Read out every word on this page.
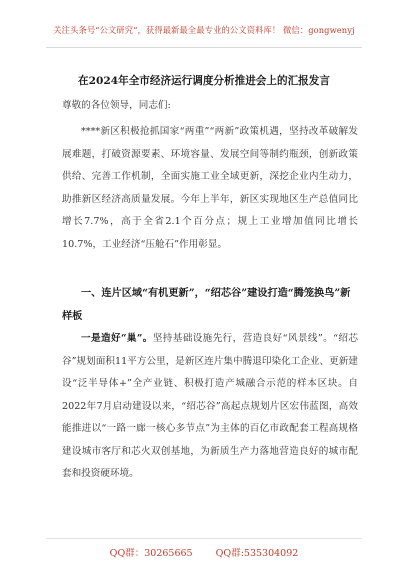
关注头条号“公文研究”，获得最新最全最专业的公文资料库！ 微信：gongwenyj
在2024年全市经济运行调度分析推进会上的汇报发言
尊敬的各位领导，同志们:

****新区积极抢抓国家“两重”“两新”政策机遇，坚持改革破解发展难题，打破资源要素、环境容量、发展空间等制约瓶颈，创新政策供给、完善工作机制，全面实施工业全域更新，深挖企业内生动力，助推新区经济高质量发展。今年上半年，新区实现地区生产总值同比增长7.7%，高于全省2.1个百分点；规上工业增加值同比增长10.7%，工业经济“压舱石”作用彰显。

一、连片区域“有机更新”，“绍芯谷”建设打造“腾笼换鸟”新样板

一是造好“巢”。坚持基础设施先行，营造良好“风景线”。“绍芯谷”规划面积11平方公里，是新区连片集中腾退印染化工企业、更新建设“泛半导体+”全产业链、积极打造产城融合示范的样本区块。自2022年7月启动建设以来，“绍芯谷”高起点规划片区宏伟蓝图，高效能推进以“一路一廊一核心多节点”为主体的百亿市政配套工程高规格建设城市客厅和芯火双创基地，为新质生产力落地营造良好的城市配套和投资硬环境。

QQ群：30265665 QQ群:535304092
